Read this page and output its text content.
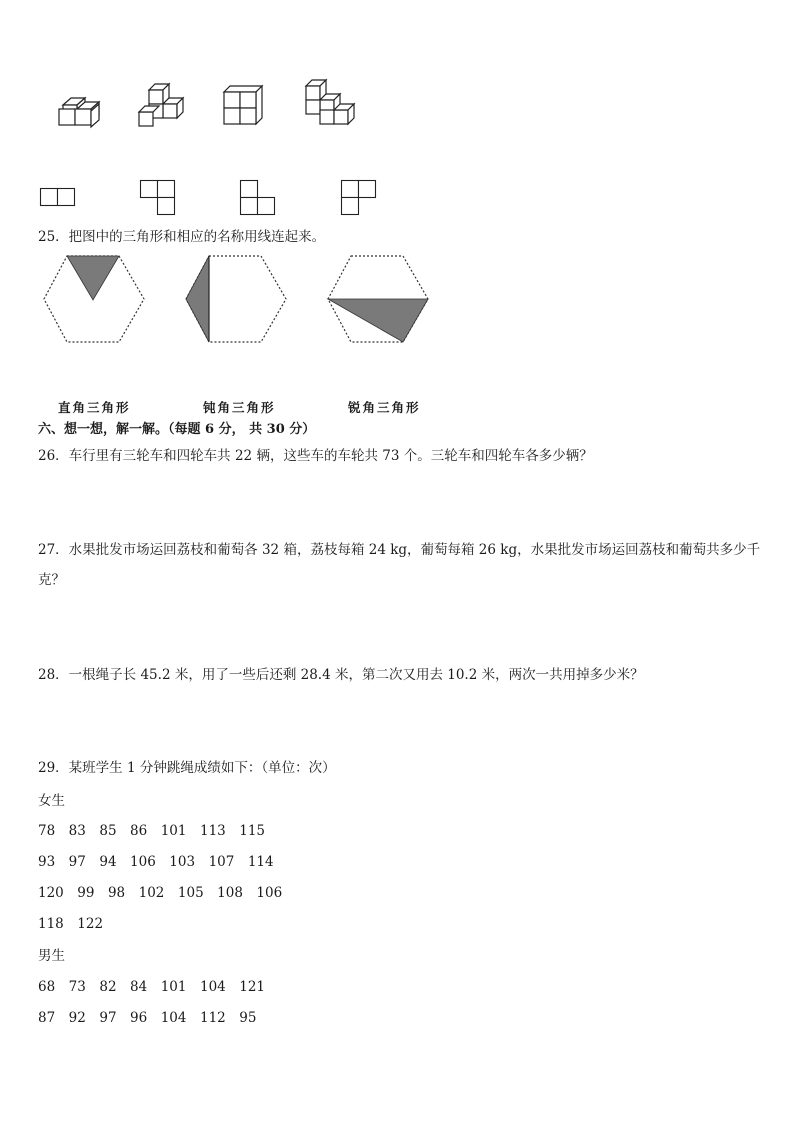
25．把图中的三角形和相应的名称用线连起来。
直角三角形	钝角三角形	锐角三角形
六、想一想，解一解。（每题 6 分， 共 30 分）
26．车行里有三轮车和四轮车共 22 辆，这些车的车轮共 73 个。三轮车和四轮车各多少辆？
27．水果批发市场运回荔枝和葡萄各 32 箱，荔枝每箱 24 kg，葡萄每箱 26 kg，水果批发市场运回荔枝和葡萄共多少千
克？
28．一根绳子长 45.2 米，用了一些后还剩 28.4 米，第二次又用去 10.2 米，两次一共用掉多少米？
29．某班学生 1 分钟跳绳成绩如下：（单位：次）
女生
78　83　85　86　101　113　115
93　97　94　106　103　107　114
120　99　98　102　105　108　106
118　122
男生
68　73　82　84　101　104　121
87　92　97　96　104　112　95
